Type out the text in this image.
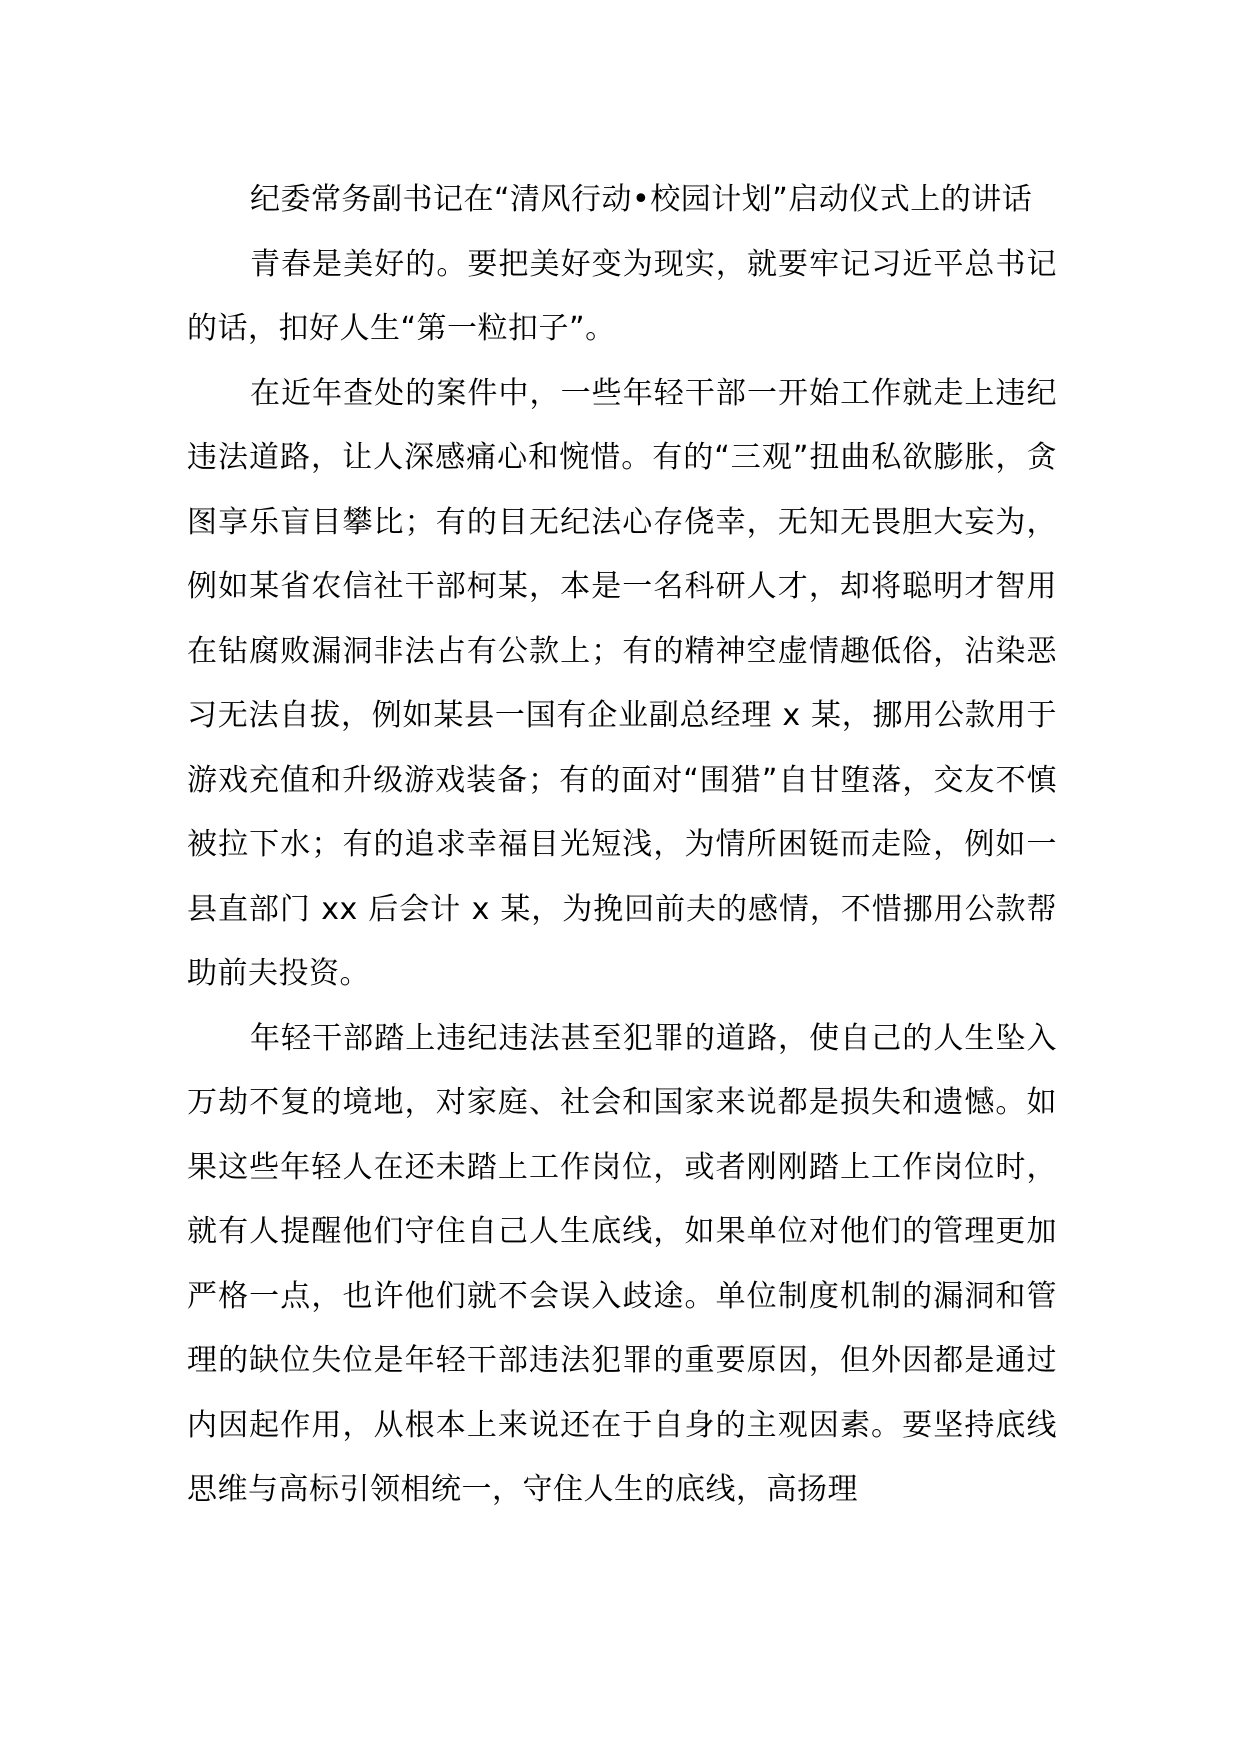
纪委常务副书记在“清风行动•校园计划”启动仪式上的讲话

青春是美好的。要把美好变为现实，就要牢记习近平总书记的话，扣好人生“第一粒扣子”。

在近年查处的案件中，一些年轻干部一开始工作就走上违纪违法道路，让人深感痛心和惋惜。有的“三观”扭曲私欲膨胀，贪图享乐盲目攀比；有的目无纪法心存侥幸，无知无畏胆大妄为，例如某省农信社干部柯某，本是一名科研人才，却将聪明才智用在钻腐败漏洞非法占有公款上；有的精神空虚情趣低俗，沾染恶习无法自拔，例如某县一国有企业副总经理 x 某，挪用公款用于游戏充值和升级游戏装备；有的面对“围猎”自甘堕落，交友不慎被拉下水；有的追求幸福目光短浅，为情所困铤而走险，例如一县直部门 xx 后会计 x 某，为挽回前夫的感情，不惜挪用公款帮助前夫投资。

年轻干部踏上违纪违法甚至犯罪的道路，使自己的人生坠入万劫不复的境地，对家庭、社会和国家来说都是损失和遗憾。如果这些年轻人在还未踏上工作岗位，或者刚刚踏上工作岗位时，就有人提醒他们守住自己人生底线，如果单位对他们的管理更加严格一点，也许他们就不会误入歧途。单位制度机制的漏洞和管理的缺位失位是年轻干部违法犯罪的重要原因，但外因都是通过内因起作用，从根本上来说还在于自身的主观因素。要坚持底线思维与高标引领相统一，守住人生的底线，高扬理
